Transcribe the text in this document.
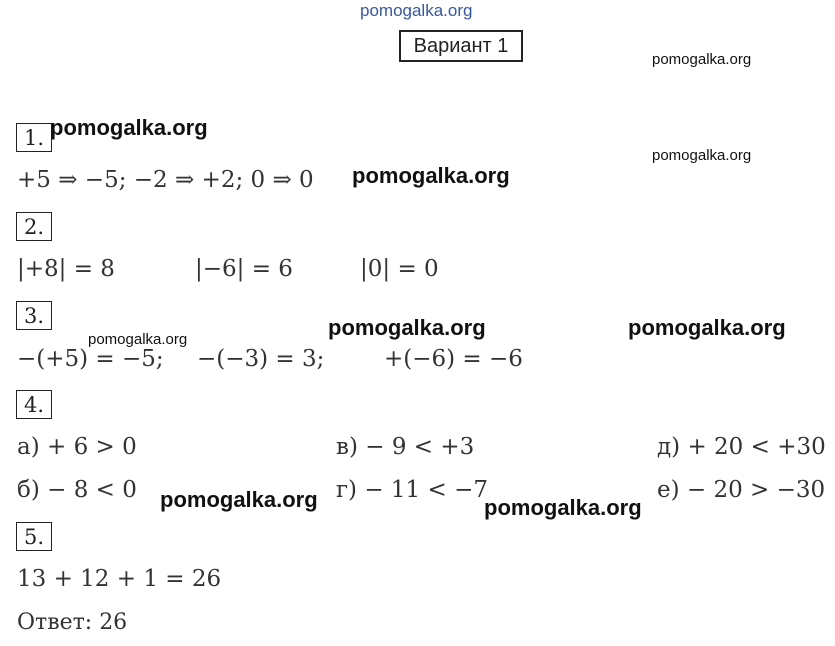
pomogalka.org
Вариант 1
1.
+5 ⇒ −5; −2 ⇒ +2; 0 ⇒ 0
2.
|+8| = 8	|−6| = 6	|0| = 0
3.
−(+5) = −5; −(−3) = 3;	+(−6) = −6
4.
а) + 6 > 0	в) − 9 < +3	д) + 20 < +30
б) − 8 < 0	г) − 11 < −7	е) − 20 > −30
5.
13 + 12 + 1 = 26
Ответ: 26
pomogalka.org
pomogalka.org
pomogalka.org
pomogalka.org
pomogalka.org	pomogalka.org
pomogalka.org
pomogalka.org	pomogalka.org
